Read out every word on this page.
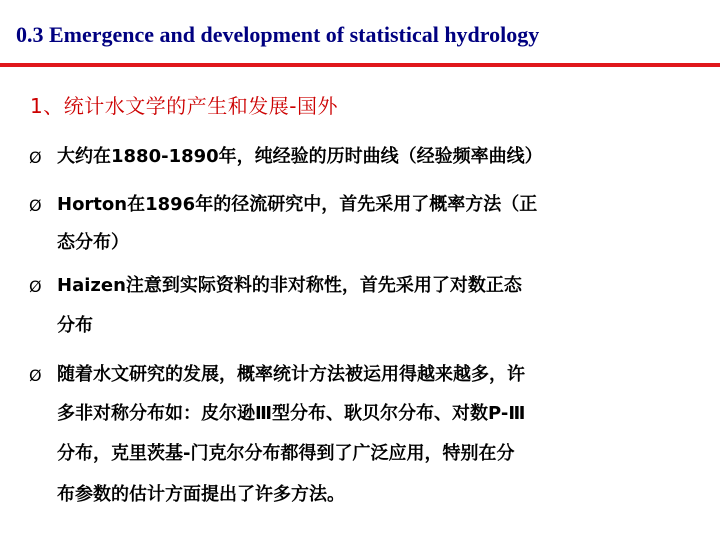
0.3 Emergence and development of statistical hydrology
1、统计水文学的产生和发展-国外
Ø 大约在1880-1890年，纯经验的历时曲线（经验频率曲线）
Ø Horton在1896年的径流研究中，首先采用了概率方法（正
态分布）
Ø Haizen注意到实际资料的非对称性，首先采用了对数正态
分布
Ø 随着水文研究的发展，概率统计方法被运用得越来越多，许
多非对称分布如：皮尔逊Ⅲ型分布、耿贝尔分布、对数P-Ⅲ
分布，克里茨基-门克尔分布都得到了广泛应用，特别在分
布参数的估计方面提出了许多方法。
